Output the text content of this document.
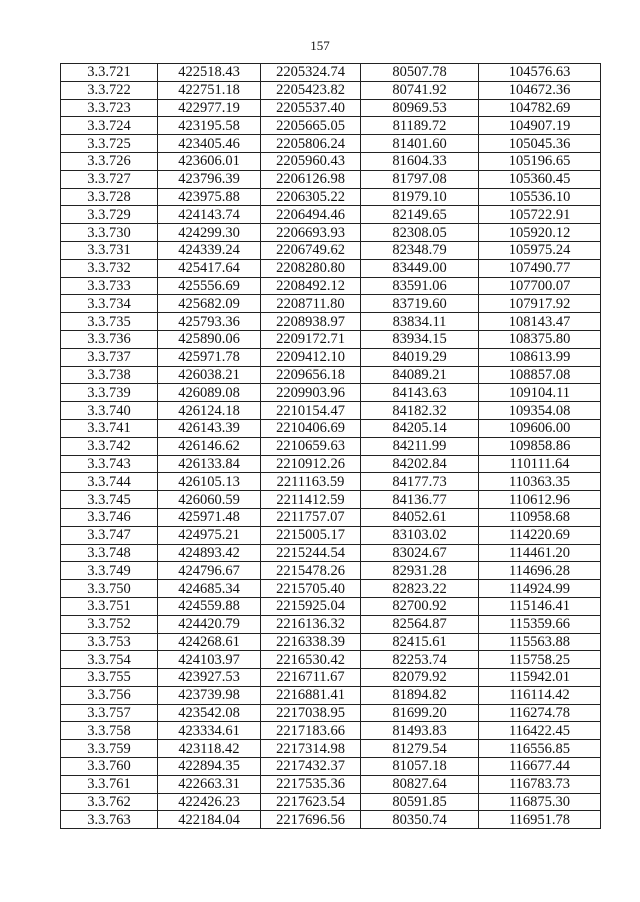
157
3.3.721	422518.43	2205324.74	80507.78	104576.63
3.3.722	422751.18	2205423.82	80741.92	104672.36
3.3.723	422977.19	2205537.40	80969.53	104782.69
3.3.724	423195.58	2205665.05	81189.72	104907.19
3.3.725	423405.46	2205806.24	81401.60	105045.36
3.3.726	423606.01	2205960.43	81604.33	105196.65
3.3.727	423796.39	2206126.98	81797.08	105360.45
3.3.728	423975.88	2206305.22	81979.10	105536.10
3.3.729	424143.74	2206494.46	82149.65	105722.91
3.3.730	424299.30	2206693.93	82308.05	105920.12
3.3.731	424339.24	2206749.62	82348.79	105975.24
3.3.732	425417.64	2208280.80	83449.00	107490.77
3.3.733	425556.69	2208492.12	83591.06	107700.07
3.3.734	425682.09	2208711.80	83719.60	107917.92
3.3.735	425793.36	2208938.97	83834.11	108143.47
3.3.736	425890.06	2209172.71	83934.15	108375.80
3.3.737	425971.78	2209412.10	84019.29	108613.99
3.3.738	426038.21	2209656.18	84089.21	108857.08
3.3.739	426089.08	2209903.96	84143.63	109104.11
3.3.740	426124.18	2210154.47	84182.32	109354.08
3.3.741	426143.39	2210406.69	84205.14	109606.00
3.3.742	426146.62	2210659.63	84211.99	109858.86
3.3.743	426133.84	2210912.26	84202.84	110111.64
3.3.744	426105.13	2211163.59	84177.73	110363.35
3.3.745	426060.59	2211412.59	84136.77	110612.96
3.3.746	425971.48	2211757.07	84052.61	110958.68
3.3.747	424975.21	2215005.17	83103.02	114220.69
3.3.748	424893.42	2215244.54	83024.67	114461.20
3.3.749	424796.67	2215478.26	82931.28	114696.28
3.3.750	424685.34	2215705.40	82823.22	114924.99
3.3.751	424559.88	2215925.04	82700.92	115146.41
3.3.752	424420.79	2216136.32	82564.87	115359.66
3.3.753	424268.61	2216338.39	82415.61	115563.88
3.3.754	424103.97	2216530.42	82253.74	115758.25
3.3.755	423927.53	2216711.67	82079.92	115942.01
3.3.756	423739.98	2216881.41	81894.82	116114.42
3.3.757	423542.08	2217038.95	81699.20	116274.78
3.3.758	423334.61	2217183.66	81493.83	116422.45
3.3.759	423118.42	2217314.98	81279.54	116556.85
3.3.760	422894.35	2217432.37	81057.18	116677.44
3.3.761	422663.31	2217535.36	80827.64	116783.73
3.3.762	422426.23	2217623.54	80591.85	116875.30
3.3.763	422184.04	2217696.56	80350.74	116951.78
